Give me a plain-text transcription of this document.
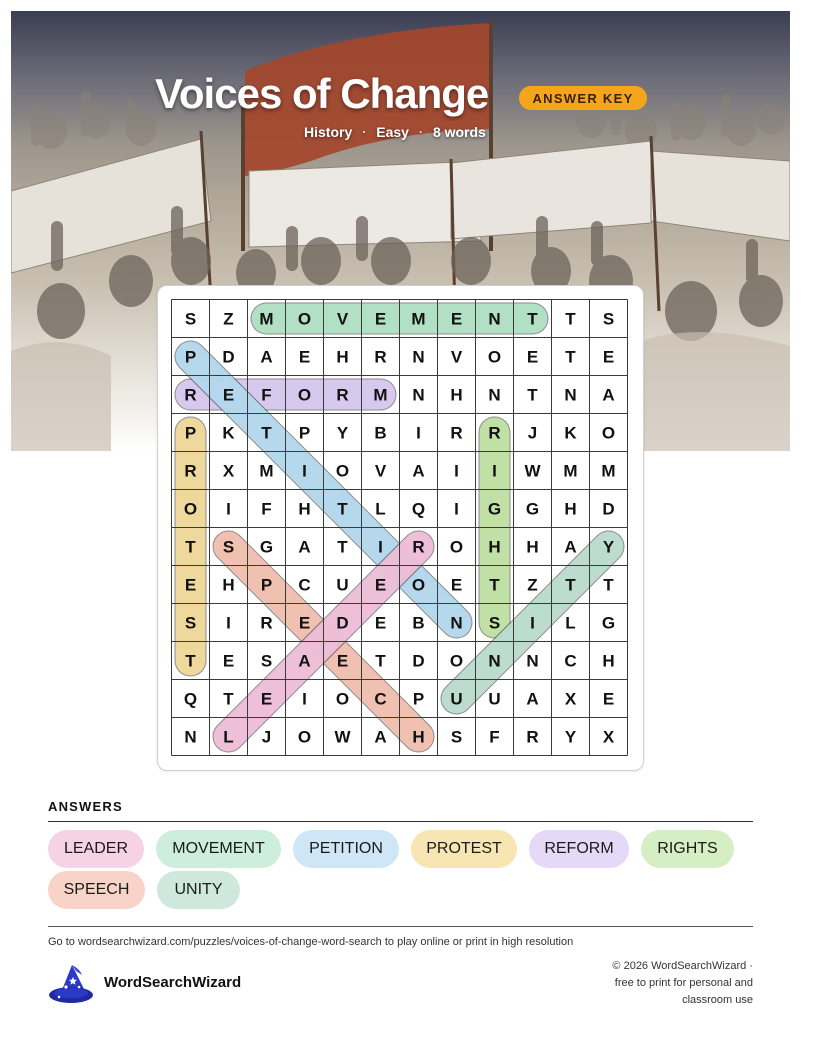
Voices of Change	ANSWER KEY
History · Easy · 8 words
S Z M O V E M E N T T S
P D A E H R N V O E T E
R E F O R M N H N T N A
P K T P Y B I R R J K O
R X M I O V A I I W M M
O I F H T L Q I G G H D
T S G A T I R O H H A Y
E H P C U E O E T Z T T
S I R E D E B N S I L G
T E S A E T D O N N C H
Q T E I O C P U U A X E
N L J O W A H S F R Y X
ANSWERS
LEADER	MOVEMENT	PETITION	PROTEST	REFORM	RIGHTS
SPEECH	UNITY
Go to wordsearchwizard.com/puzzles/voices-of-change-word-search to play online or print in high resolution
WordSearchWizard
© 2026 WordSearchWizard ·
free to print for personal and
classroom use
